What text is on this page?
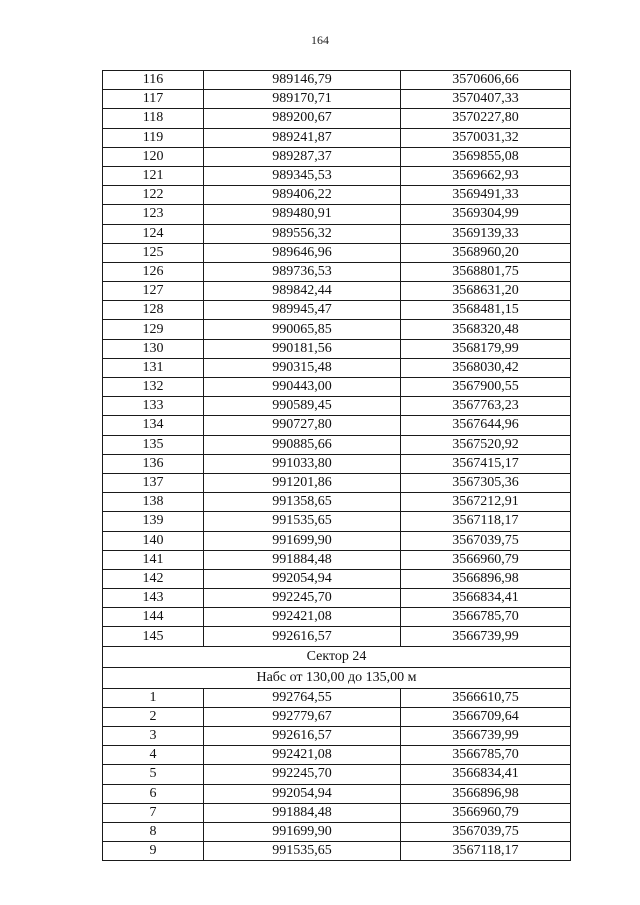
164
116	989146,79	3570606,66
117	989170,71	3570407,33
118	989200,67	3570227,80
119	989241,87	3570031,32
120	989287,37	3569855,08
121	989345,53	3569662,93
122	989406,22	3569491,33
123	989480,91	3569304,99
124	989556,32	3569139,33
125	989646,96	3568960,20
126	989736,53	3568801,75
127	989842,44	3568631,20
128	989945,47	3568481,15
129	990065,85	3568320,48
130	990181,56	3568179,99
131	990315,48	3568030,42
132	990443,00	3567900,55
133	990589,45	3567763,23
134	990727,80	3567644,96
135	990885,66	3567520,92
136	991033,80	3567415,17
137	991201,86	3567305,36
138	991358,65	3567212,91
139	991535,65	3567118,17
140	991699,90	3567039,75
141	991884,48	3566960,79
142	992054,94	3566896,98
143	992245,70	3566834,41
144	992421,08	3566785,70
145	992616,57	3566739,99
Сектор 24		
Набс от 130,00 до 135,00 м		
1	992764,55	3566610,75
2	992779,67	3566709,64
3	992616,57	3566739,99
4	992421,08	3566785,70
5	992245,70	3566834,41
6	992054,94	3566896,98
7	991884,48	3566960,79
8	991699,90	3567039,75
9	991535,65	3567118,17
